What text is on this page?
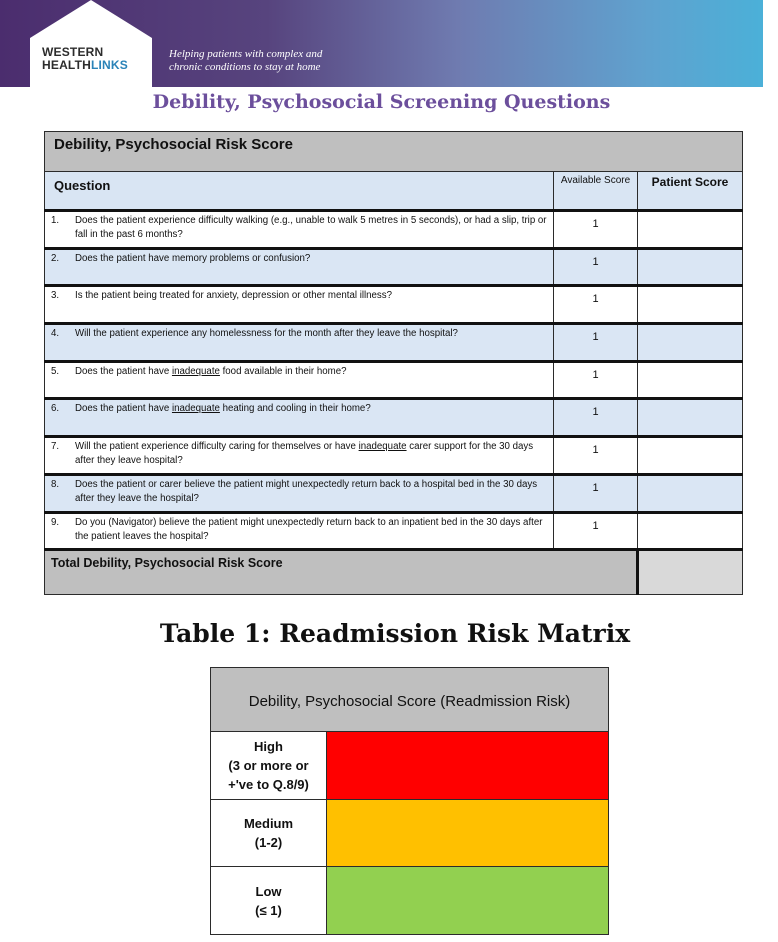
WESTERN
HEALTHLINKS
Helping patients with complex and
chronic conditions to stay at home
Debility, Psychosocial Screening Questions
Debility, Psychosocial Risk Score		
Question	Available Score	Patient Score

1. Does the patient experience difficulty walking (e.g., unable to walk 5 metres in 5 seconds), or had a slip, trip or fall in the past 6 months?	1	

2. Does the patient have memory problems or confusion?	1	

3. Is the patient being treated for anxiety, depression or other mental illness?	1	

4. Will the patient experience any homelessness for the month after they leave the hospital?	1	

5. Does the patient have inadequate food available in their home?	1	

6. Does the patient have inadequate heating and cooling in their home?	1	

7. Will the patient experience difficulty caring for themselves or have inadequate carer support for the 30 days after they leave hospital?	1	

8. Does the patient or carer believe the patient might unexpectedly return back to a hospital bed in the 30 days after they leave the hospital?	1	

9. Do you (Navigator) believe the patient might unexpectedly return back to an inpatient bed in the 30 days after the patient leaves the hospital?	1	
Total Debility, Psychosocial Risk Score		
Table 1: Readmission Risk Matrix
Debility, Psychosocial Score (Readmission Risk)	

High
(3 or more or
+'ve to Q.8/9)	

Medium
(1-2)	

Low
(≤ 1)	
